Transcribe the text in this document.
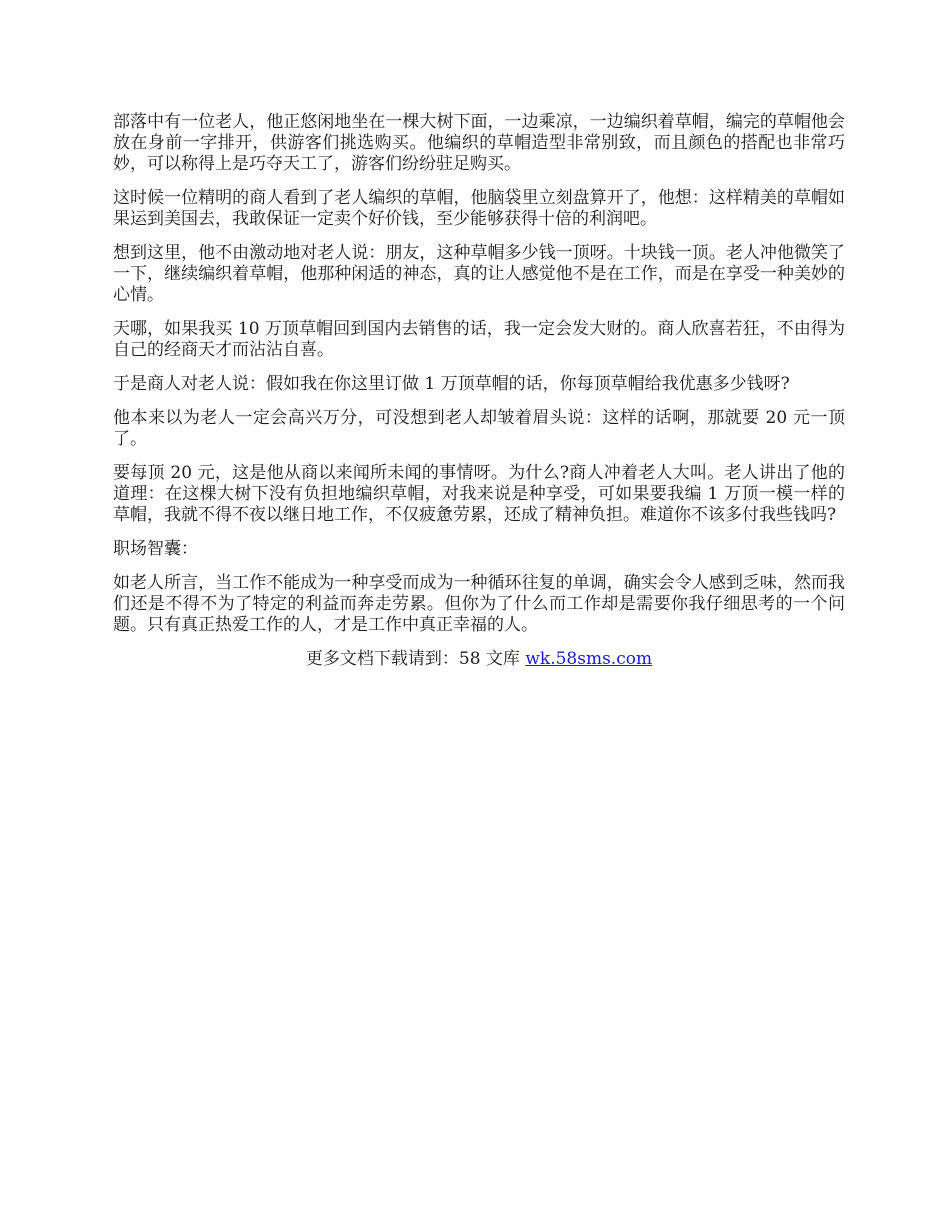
部落中有一位老人，他正悠闲地坐在一棵大树下面，一边乘凉，一边编织着草帽，编完的草帽他会放在身前一字排开，供游客们挑选购买。他编织的草帽造型非常别致，而且颜色的搭配也非常巧妙，可以称得上是巧夺天工了，游客们纷纷驻足购买。

这时候一位精明的商人看到了老人编织的草帽，他脑袋里立刻盘算开了，他想：这样精美的草帽如果运到美国去，我敢保证一定卖个好价钱，至少能够获得十倍的利润吧。

想到这里，他不由激动地对老人说：朋友，这种草帽多少钱一顶呀。十块钱一顶。老人冲他微笑了一下，继续编织着草帽，他那种闲适的神态，真的让人感觉他不是在工作，而是在享受一种美妙的心情。

天哪，如果我买 10 万顶草帽回到国内去销售的话，我一定会发大财的。商人欣喜若狂，不由得为自己的经商天才而沾沾自喜。

于是商人对老人说：假如我在你这里订做 1 万顶草帽的话，你每顶草帽给我优惠多少钱呀?

他本来以为老人一定会高兴万分，可没想到老人却皱着眉头说：这样的话啊，那就要 20 元一顶了。

要每顶 20 元，这是他从商以来闻所未闻的事情呀。为什么?商人冲着老人大叫。老人讲出了他的道理：在这棵大树下没有负担地编织草帽，对我来说是种享受，可如果要我编 1 万顶一模一样的草帽，我就不得不夜以继日地工作，不仅疲惫劳累，还成了精神负担。难道你不该多付我些钱吗?

职场智囊：

如老人所言，当工作不能成为一种享受而成为一种循环往复的单调，确实会令人感到乏味，然而我们还是不得不为了特定的利益而奔走劳累。但你为了什么而工作却是需要你我仔细思考的一个问题。只有真正热爱工作的人，才是工作中真正幸福的人。

更多文档下载请到：58 文库 wk.58sms.com
